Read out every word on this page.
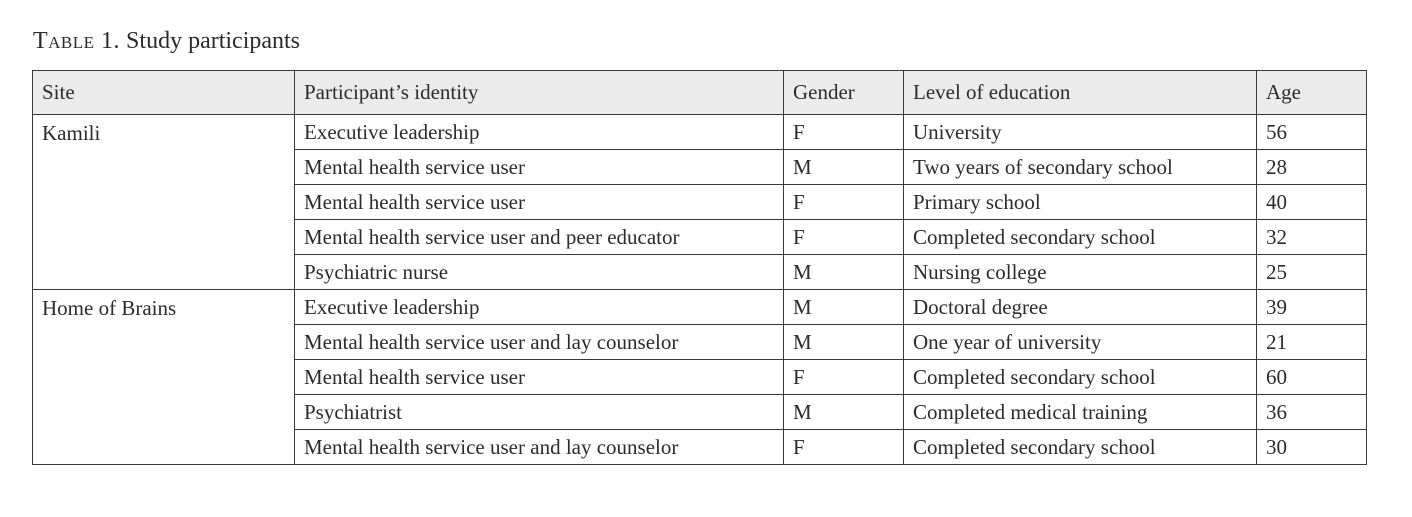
Table 1. Study participants
Site	Participant’s identity	Gender	Level of education	Age
Kamili	Executive leadership	F	University	56
	Mental health service user	M	Two years of secondary school	28
	Mental health service user	F	Primary school	40
	Mental health service user and peer educator	F	Completed secondary school	32
	Psychiatric nurse	M	Nursing college	25
Home of Brains	Executive leadership	M	Doctoral degree	39
	Mental health service user and lay counselor	M	One year of university	21
	Mental health service user	F	Completed secondary school	60
	Psychiatrist	M	Completed medical training	36
	Mental health service user and lay counselor	F	Completed secondary school	30
